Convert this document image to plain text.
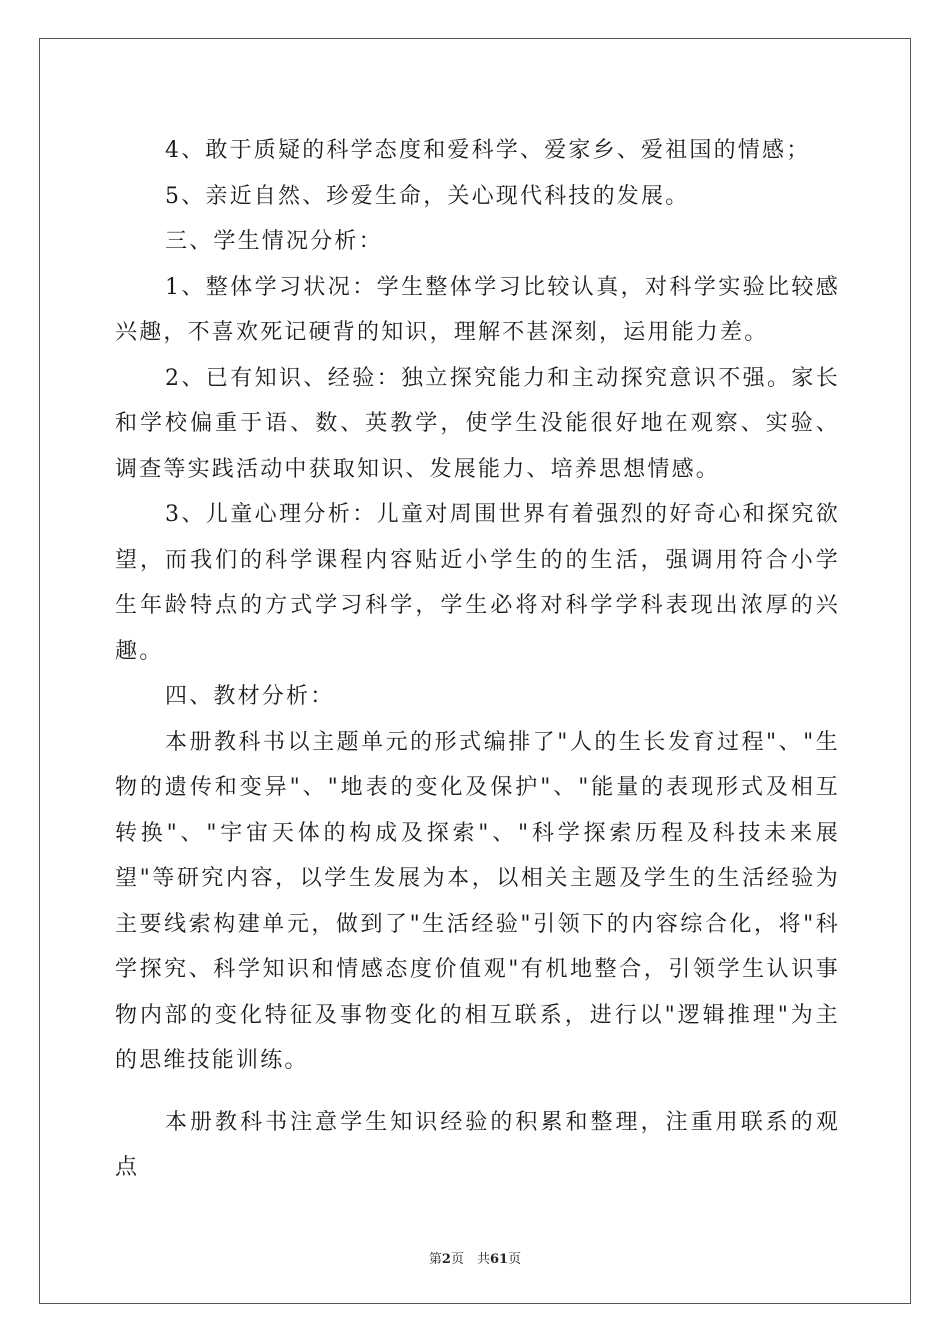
4、敢于质疑的科学态度和爱科学、爱家乡、爱祖国的情感；

5、亲近自然、珍爱生命，关心现代科技的发展。

三、学生情况分析：

1、整体学习状况：学生整体学习比较认真，对科学实验比较感兴趣，不喜欢死记硬背的知识，理解不甚深刻，运用能力差。

2、已有知识、经验：独立探究能力和主动探究意识不强。家长和学校偏重于语、数、英教学，使学生没能很好地在观察、实验、调查等实践活动中获取知识、发展能力、培养思想情感。

3、儿童心理分析：儿童对周围世界有着强烈的好奇心和探究欲望，而我们的科学课程内容贴近小学生的的生活，强调用符合小学生年龄特点的方式学习科学，学生必将对科学学科表现出浓厚的兴趣。

四、教材分析：

本册教科书以主题单元的形式编排了"人的生长发育过程"、"生物的遗传和变异"、"地表的变化及保护"、"能量的表现形式及相互转换"、"宇宙天体的构成及探索"、"科学探索历程及科技未来展望"等研究内容，以学生发展为本，以相关主题及学生的生活经验为主要线索构建单元，做到了"生活经验"引领下的内容综合化，将"科学探究、科学知识和情感态度价值观"有机地整合，引领学生认识事物内部的变化特征及事物变化的相互联系，进行以"逻辑推理"为主的思维技能训练。

本册教科书注意学生知识经验的积累和整理，注重用联系的观点

第2页　共61页
